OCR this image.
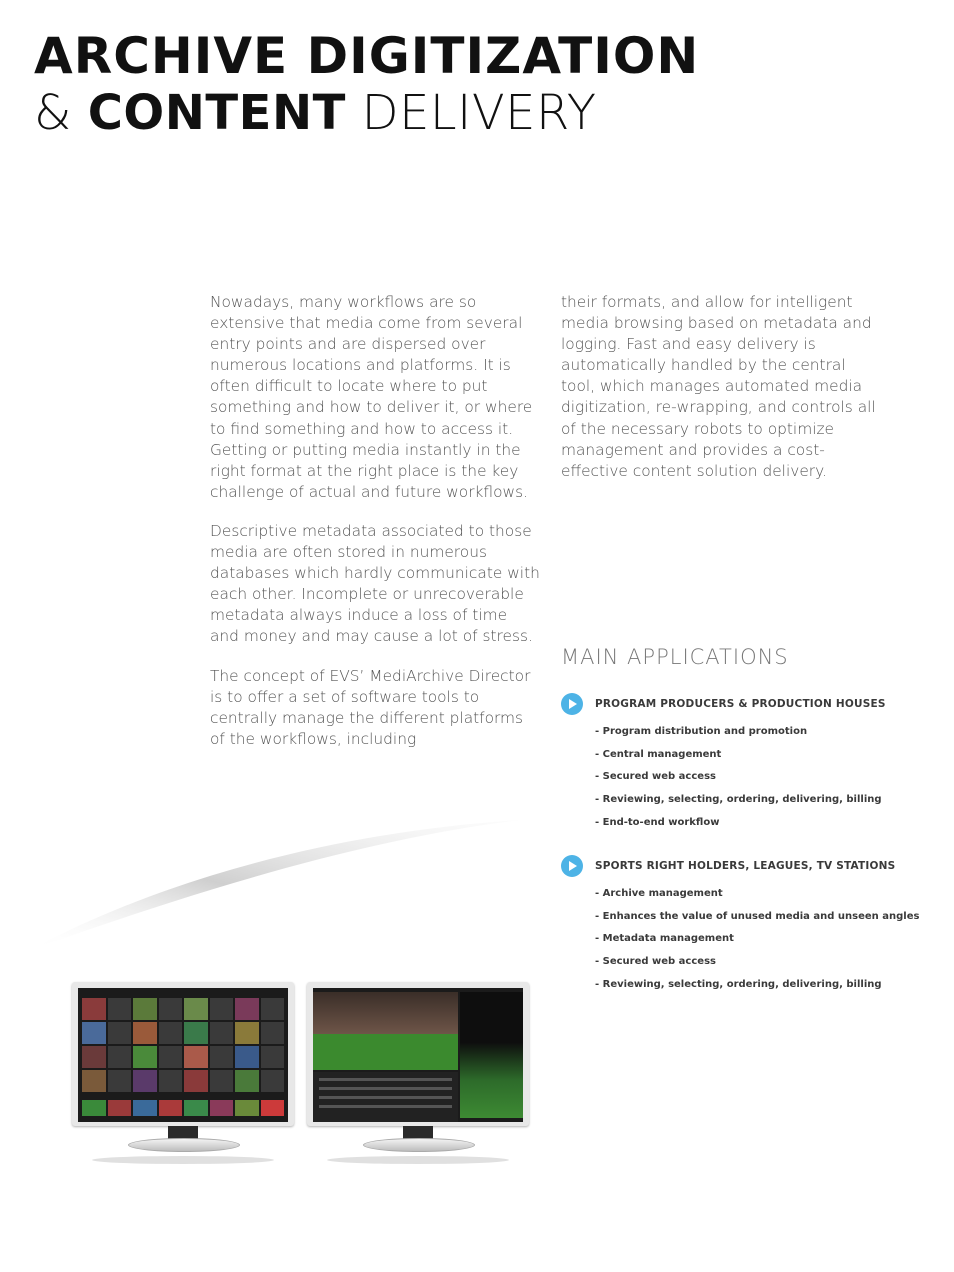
ARCHIVE DIGITIZATION
& CONTENT DELIVERY

Nowadays, many workflows are so extensive that media come from several entry points and are dispersed over numerous locations and platforms. It is often difficult to locate where to put something and how to deliver it, or where to find something and how to access it. Getting or putting media instantly in the right format at the right place is the key challenge of actual and future workflows.

Descriptive metadata associated to those media are often stored in numerous databases which hardly communicate with each other. Incomplete or unrecoverable metadata always induce a loss of time and money and may cause a lot of stress.

The concept of EVS’ MediArchive Director is to offer a set of software tools to centrally manage the different platforms of the workflows, including

their formats, and allow for intelligent media browsing based on metadata and logging. Fast and easy delivery is automatically handled by the central tool, which manages automated media digitization, re-wrapping, and controls all of the necessary robots to optimize management and provides a cost-effective content solution delivery.

MAIN APPLICATIONS
PROGRAM PRODUCERS & PRODUCTION HOUSES
- Program distribution and promotion
- Central management
- Secured web access
- Reviewing, selecting, ordering, delivering, billing
- End-to-end workflow
SPORTS RIGHT HOLDERS, LEAGUES, TV STATIONS
- Archive management
- Enhances the value of unused media and unseen angles
- Metadata management
- Secured web access
- Reviewing, selecting, ordering, delivering, billing
